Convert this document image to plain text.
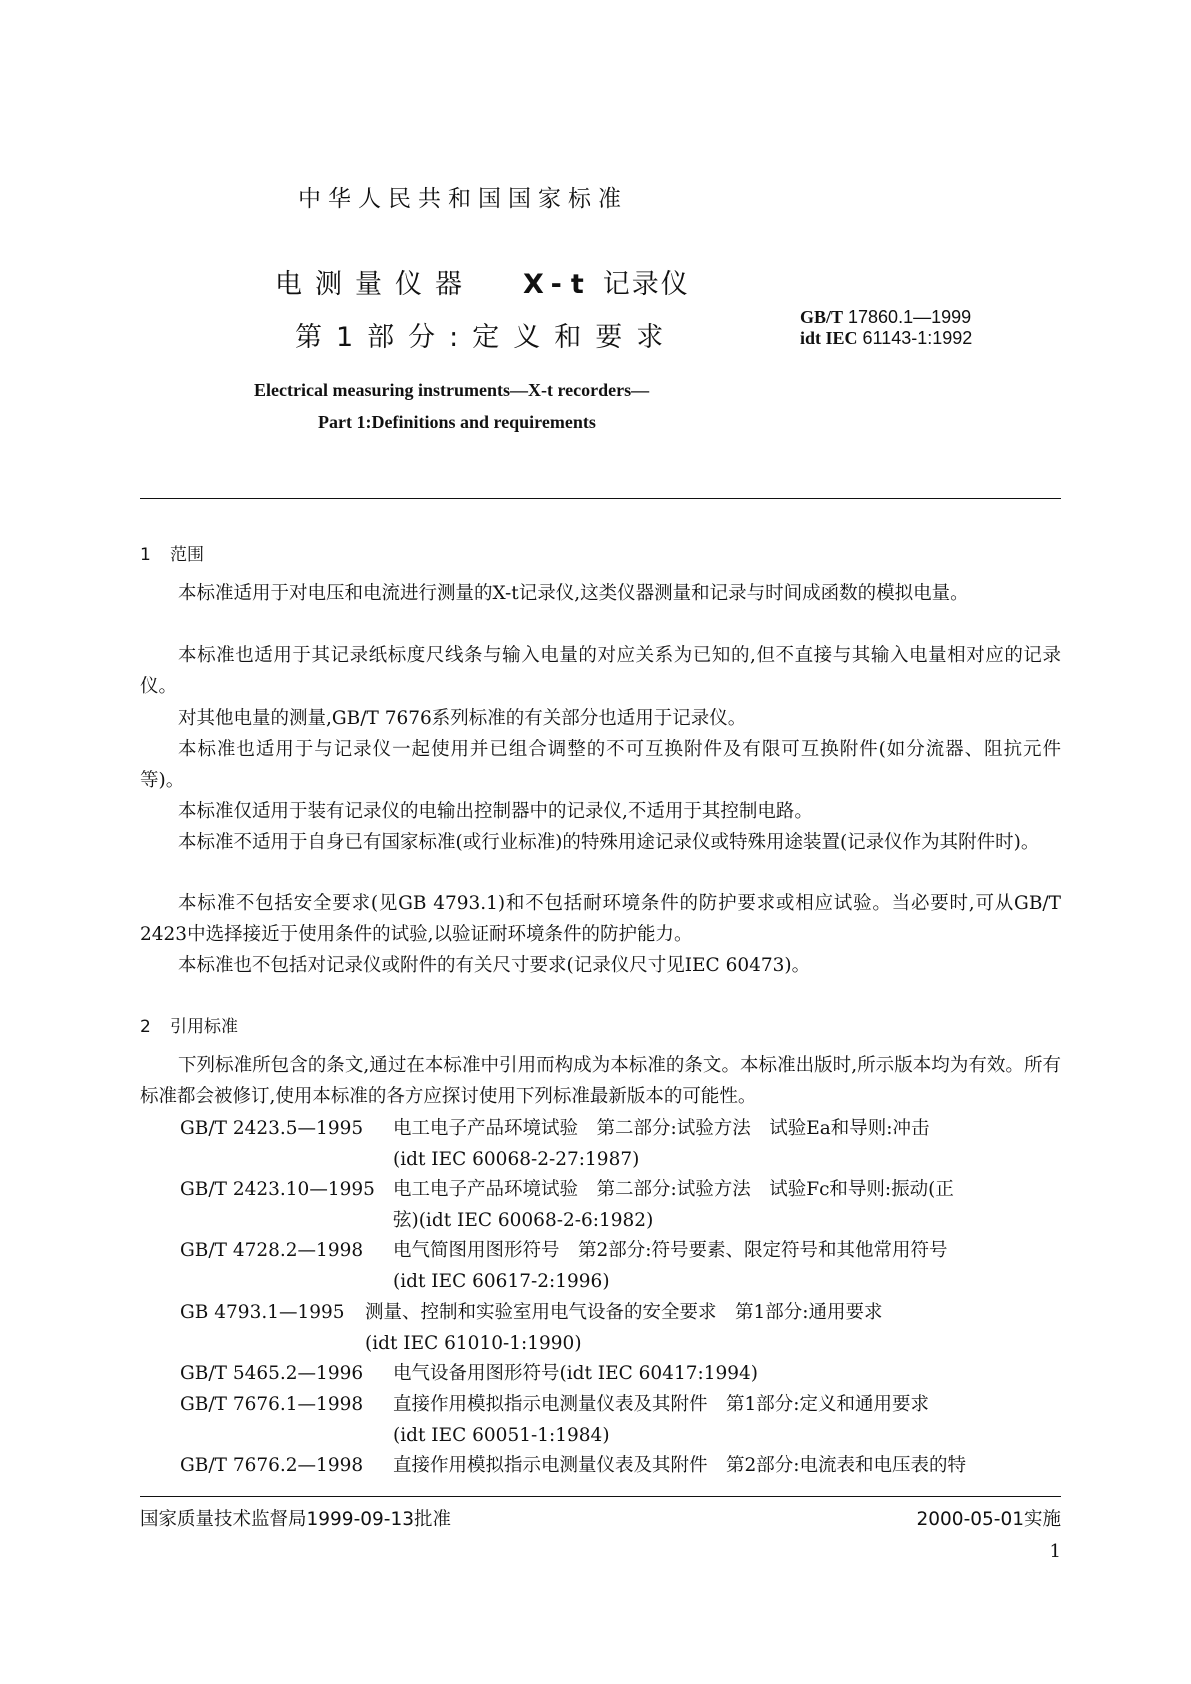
中华人民共和国国家标准
电测量仪器 X-t 记录仪
第1部分:定义和要求
GB/T 17860.1—1999
idt IEC 61143-1:1992
Electrical measuring instruments—X-t recorders—
Part 1:Definitions and requirements
1 范围
本标准适用于对电压和电流进行测量的X-t记录仪,这类仪器测量和记录与时间成函数的模拟电量。
本标准也适用于其记录纸标度尺线条与输入电量的对应关系为已知的,但不直接与其输入电量相对应的记录仪。
对其他电量的测量,GB/T 7676系列标准的有关部分也适用于记录仪。
本标准也适用于与记录仪一起使用并已组合调整的不可互换附件及有限可互换附件(如分流器、阻抗元件等)。
本标准仅适用于装有记录仪的电输出控制器中的记录仪,不适用于其控制电路。
本标准不适用于自身已有国家标准(或行业标准)的特殊用途记录仪或特殊用途装置(记录仪作为其附件时)。
本标准不包括安全要求(见GB 4793.1)和不包括耐环境条件的防护要求或相应试验。当必要时,可从GB/T 2423中选择接近于使用条件的试验,以验证耐环境条件的防护能力。
本标准也不包括对记录仪或附件的有关尺寸要求(记录仪尺寸见IEC 60473)。
2 引用标准
下列标准所包含的条文,通过在本标准中引用而构成为本标准的条文。本标准出版时,所示版本均为有效。所有标准都会被修订,使用本标准的各方应探讨使用下列标准最新版本的可能性。
GB/T 2423.5—1995 电工电子产品环境试验　第二部分:试验方法　试验Ea和导则:冲击
(idt IEC 60068-2-27:1987)
GB/T 2423.10—1995 电工电子产品环境试验　第二部分:试验方法　试验Fc和导则:振动(正
弦)(idt IEC 60068-2-6:1982)
GB/T 4728.2—1998 电气简图用图形符号　第2部分:符号要素、限定符号和其他常用符号
(idt IEC 60617-2:1996)
GB 4793.1—1995 测量、控制和实验室用电气设备的安全要求　第1部分:通用要求
(idt IEC 61010-1:1990)
GB/T 5465.2—1996 电气设备用图形符号(idt IEC 60417:1994)
GB/T 7676.1—1998 直接作用模拟指示电测量仪表及其附件　第1部分:定义和通用要求
(idt IEC 60051-1:1984)
GB/T 7676.2—1998 直接作用模拟指示电测量仪表及其附件　第2部分:电流表和电压表的特
国家质量技术监督局1999-09-13批准	2000-05-01实施
1
